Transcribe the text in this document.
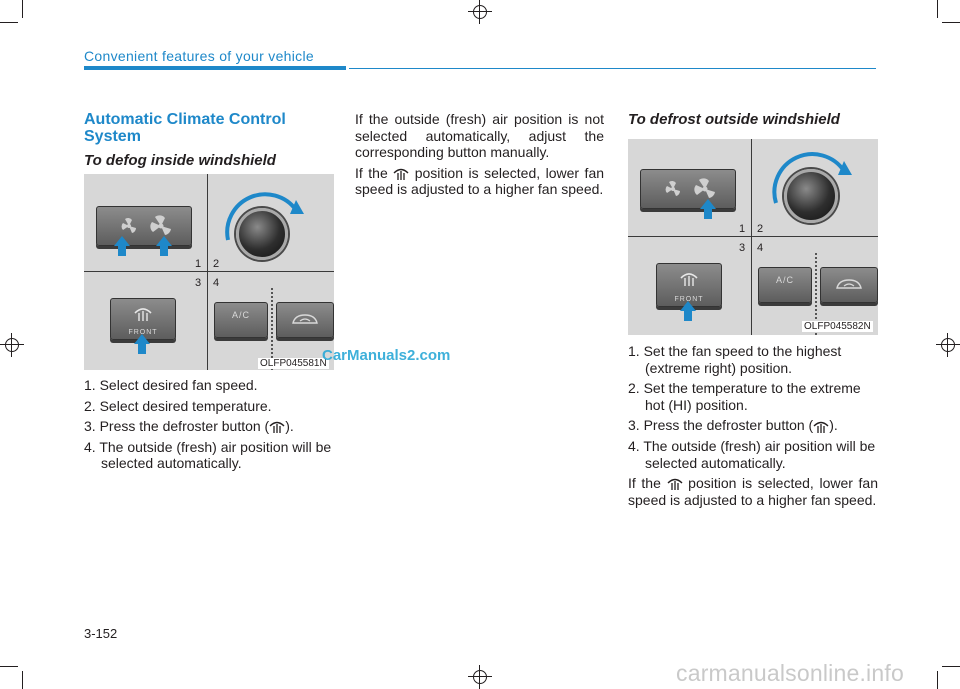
Convenient features of your vehicle
Automatic Climate Control System
To defog inside windshield
1 2
3 4
FRONT
A/C
OLFP045581N
1. Select desired fan speed.
2. Select desired temperature.
3. Press the defroster button ( ).
4. The outside (fresh) air position will be selected automatically.

If the outside (fresh) air position is not selected automatically, adjust the corresponding button manually.

If the position is selected, lower fan speed is adjusted to a higher fan speed.

To defrost outside windshield
1 2
3 4
FRONT
A/C
OLFP045582N
1. Set the fan speed to the highest (extreme right) position.
2. Set the temperature to the extreme hot (HI) position.
3. Press the defroster button ( ).
4. The outside (fresh) air position will be selected automatically.

If the position is selected, lower fan speed is adjusted to a higher fan speed.

3-152
CarManuals2.com
carmanualsonline.info
